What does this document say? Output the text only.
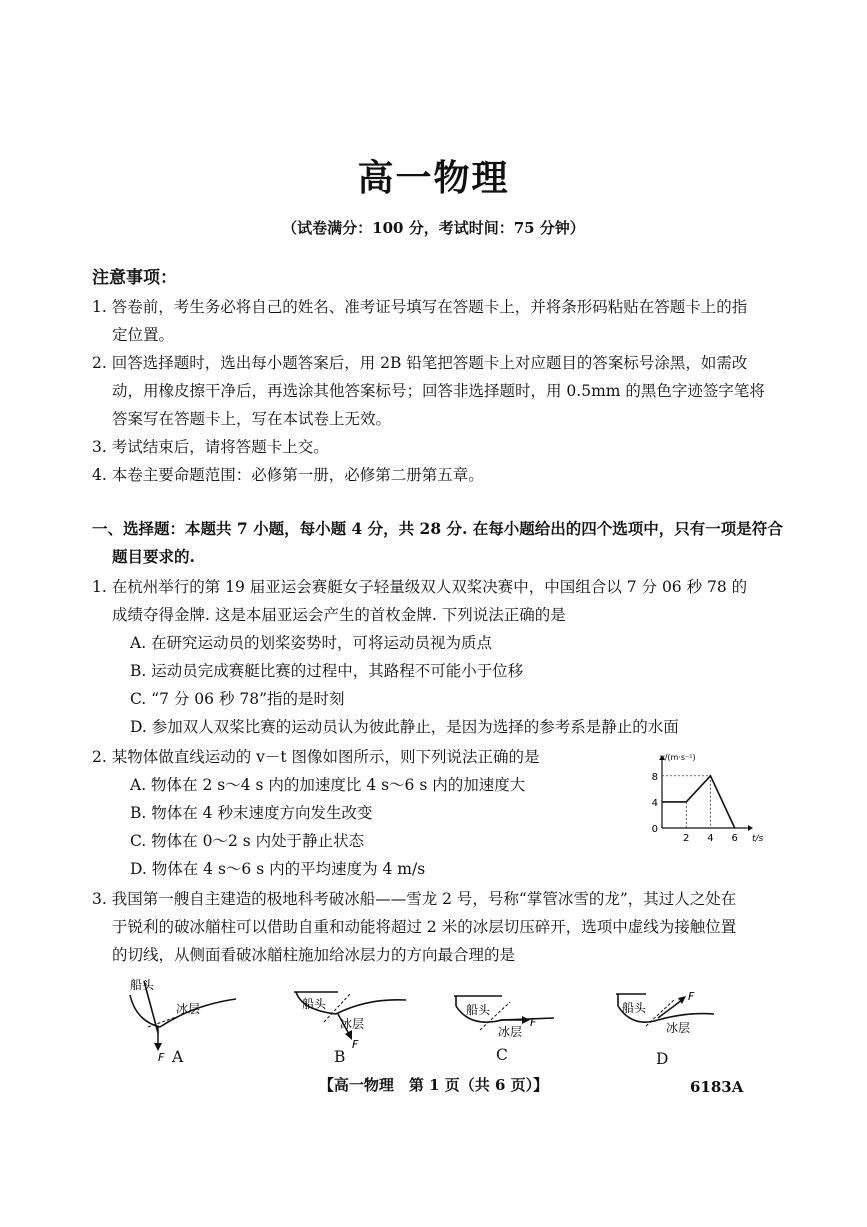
高一物理
（试卷满分：100 分，考试时间：75 分钟）
注意事项：
1. 答卷前，考生务必将自己的姓名、准考证号填写在答题卡上，并将条形码粘贴在答题卡上的指
定位置。
2. 回答选择题时，选出每小题答案后，用 2B 铅笔把答题卡上对应题目的答案标号涂黑，如需改
动，用橡皮擦干净后，再选涂其他答案标号；回答非选择题时，用 0.5mm 的黑色字迹签字笔将
答案写在答题卡上，写在本试卷上无效。
3. 考试结束后，请将答题卡上交。
4. 本卷主要命题范围：必修第一册，必修第二册第五章。
一、选择题：本题共 7 小题，每小题 4 分，共 28 分. 在每小题给出的四个选项中，只有一项是符合
题目要求的.
1. 在杭州举行的第 19 届亚运会赛艇女子轻量级双人双桨决赛中，中国组合以 7 分 06 秒 78 的
成绩夺得金牌. 这是本届亚运会产生的首枚金牌. 下列说法正确的是
A. 在研究运动员的划桨姿势时，可将运动员视为质点
B. 运动员完成赛艇比赛的过程中，其路程不可能小于位移
C. “7 分 06 秒 78”指的是时刻
D. 参加双人双桨比赛的运动员认为彼此静止，是因为选择的参考系是静止的水面
2. 某物体做直线运动的 v－t 图像如图所示，则下列说法正确的是
A. 物体在 2 s～4 s 内的加速度比 4 s～6 s 内的加速度大
B. 物体在 4 秒末速度方向发生改变
C. 物体在 0～2 s 内处于静止状态
D. 物体在 4 s～6 s 内的平均速度为 4 m/s
0
4
8
2 4 6 t/s
v/(m·s⁻¹)
3. 我国第一艘自主建造的极地科考破冰船——雪龙 2 号，号称“掌管冰雪的龙”，其过人之处在
于锐利的破冰艏柱可以借助自重和动能将超过 2 米的冰层切压碎开，选项中虚线为接触位置
的切线，从侧面看破冰艏柱施加给冰层力的方向最合理的是
船头
冰层
F A
船头
冰层
F
B
船头
冰层
F
C
船头
冰层
F
D
【高一物理　第 1 页（共 6 页）】	6183A
